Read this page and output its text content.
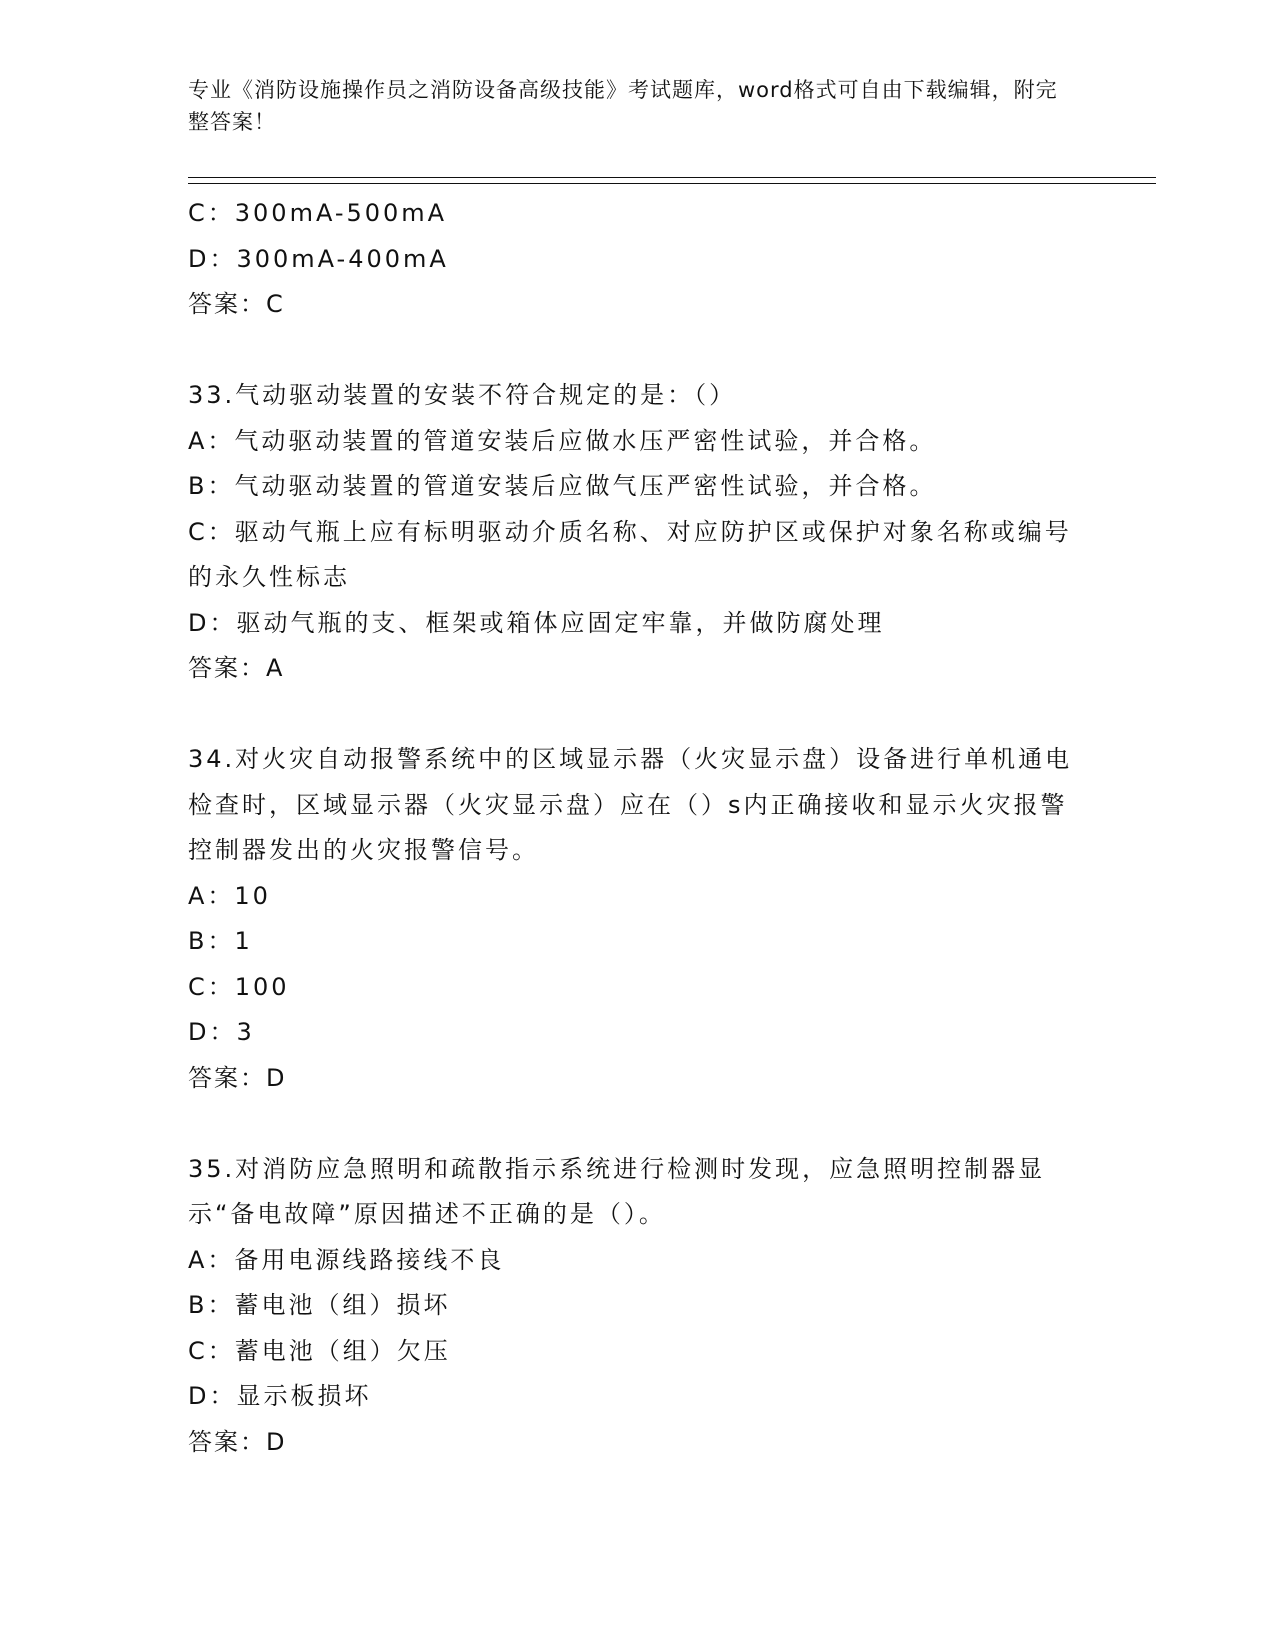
专业《消防设施操作员之消防设备高级技能》考试题库，word格式可自由下载编辑，附完整答案！

C：300mA-500mA

D：300mA-400mA

答案：C

33.气动驱动装置的安装不符合规定的是：（）

A：气动驱动装置的管道安装后应做水压严密性试验，并合格。

B：气动驱动装置的管道安装后应做气压严密性试验，并合格。

C：驱动气瓶上应有标明驱动介质名称、对应防护区或保护对象名称或编号的永久性标志

D：驱动气瓶的支、框架或箱体应固定牢靠，并做防腐处理

答案：A

34.对火灾自动报警系统中的区域显示器（火灾显示盘）设备进行单机通电检查时，区域显示器（火灾显示盘）应在（）s内正确接收和显示火灾报警控制器发出的火灾报警信号。

A：10

B：1

C：100

D：3

答案：D

35.对消防应急照明和疏散指示系统进行检测时发现，应急照明控制器显示“备电故障”原因描述不正确的是（）。

A：备用电源线路接线不良

B：蓄电池（组）损坏

C：蓄电池（组）欠压

D：显示板损坏

答案：D
